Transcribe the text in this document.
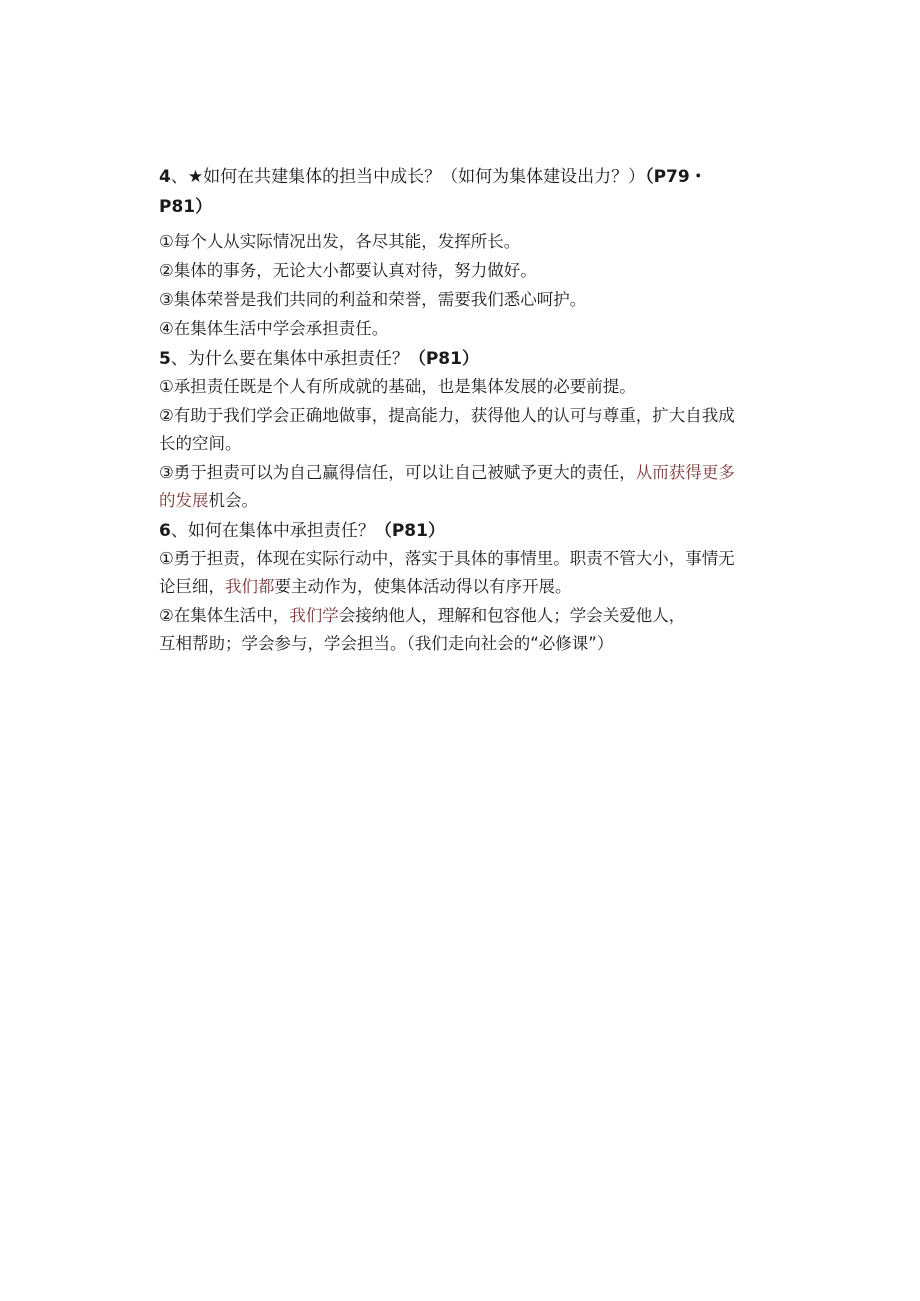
4、★如何在共建集体的担当中成长？（如何为集体建设出力？）（P79・P81）

①每个人从实际情况出发，各尽其能，发挥所长。

②集体的事务，无论大小都要认真对待，努力做好。

③集体荣誉是我们共同的利益和荣誉，需要我们悉心呵护。

④在集体生活中学会承担责任。

5、为什么要在集体中承担责任？（P81）

①承担责任既是个人有所成就的基础，也是集体发展的必要前提。

②有助于我们学会正确地做事，提高能力，获得他人的认可与尊重，扩大自我成长的空间。

③勇于担责可以为自己赢得信任，可以让自己被赋予更大的责任，从而获得更多的发展机会。

6、如何在集体中承担责任？（P81）

①勇于担责，体现在实际行动中，落实于具体的事情里。职责不管大小，事情无论巨细，我们都要主动作为，使集体活动得以有序开展。

②在集体生活中，我们学会接纳他人，理解和包容他人；学会关爱他人，
互相帮助；学会参与，学会担当。（我们走向社会的“必修课”）
